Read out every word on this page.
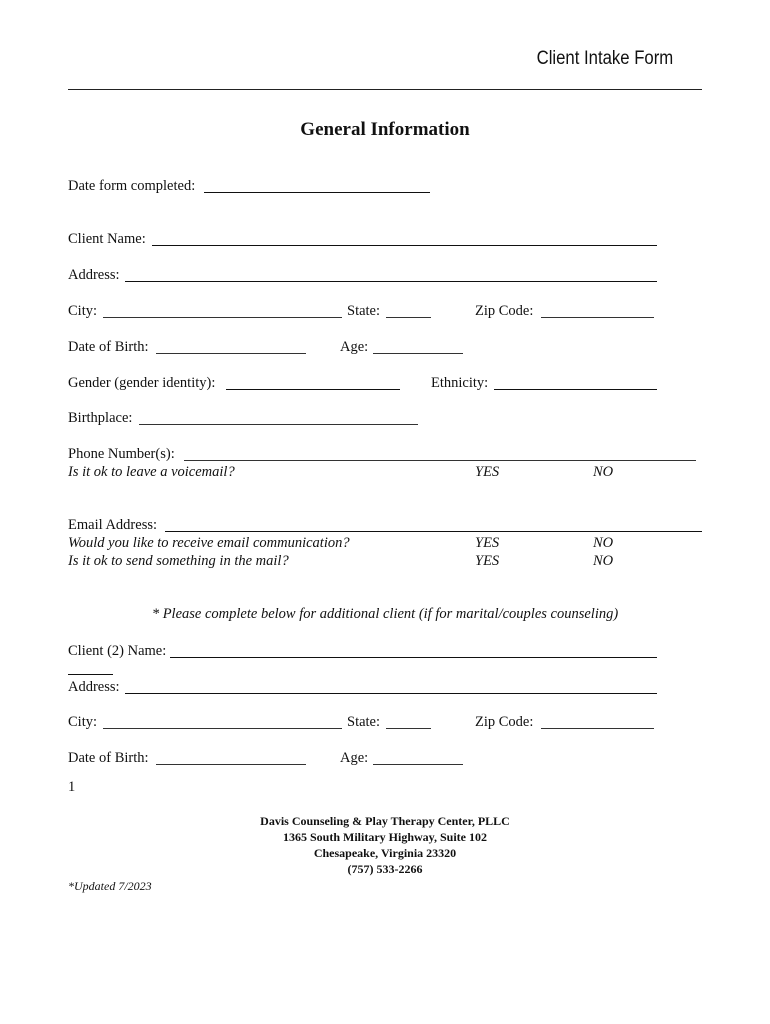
Client Intake Form
General Information
Date form completed:
Client Name:
Address:
City:	State:	Zip Code:
Date of Birth:	Age:
Gender (gender identity):	Ethnicity:
Birthplace:
Phone Number(s):
Is it ok to leave a voicemail?	YES	NO
Email Address:
Would you like to receive email communication?	YES	NO
Is it ok to send something in the mail?	YES	NO
* Please complete below for additional client (if for marital/couples counseling)
Client (2) Name:
Address:
City:	State:	Zip Code:
Date of Birth:	Age:
1
Davis Counseling & Play Therapy Center, PLLC
1365 South Military Highway, Suite 102
Chesapeake, Virginia 23320
(757) 533-2266
*Updated 7/2023
